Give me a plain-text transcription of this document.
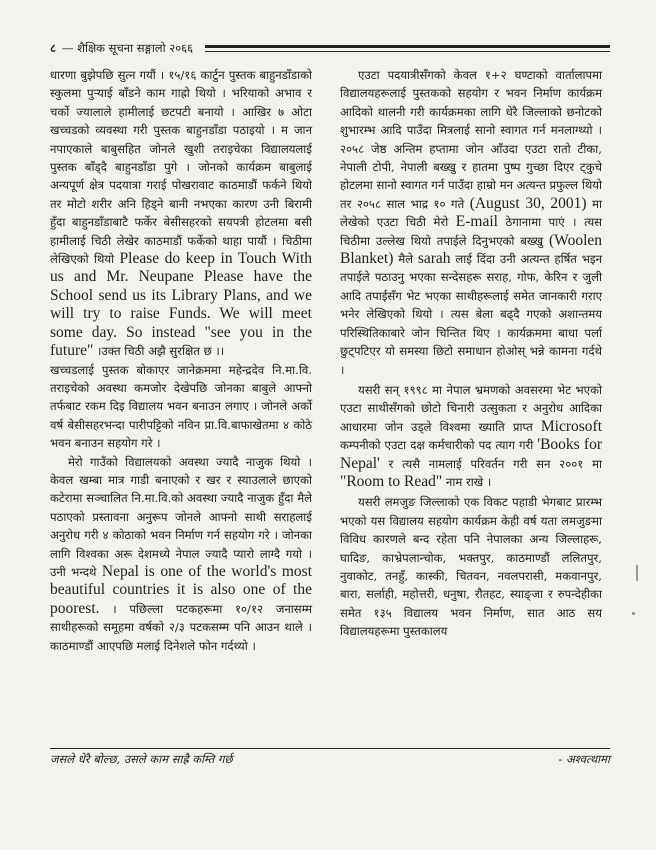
८ — शैक्षिक सूचना सङ्गालो २०६६

धारणा बुझेपछि सुत्न गयौं । १५/१६ कार्टुन पुस्तक बाहुनडाँडाको स्कुलमा पुऱ्याई बाँडने काम गाह्रो थियो । भरियाको अभाव र चर्को ज्यालाले हामीलाई छटपटी बनायो । आखिर ७ ओटा खच्चडको व्यवस्था गरी पुस्तक बाहुनडाँडा पठाइयो । म जान नपाएकाले बाबुसहित जोनले खुशी तराइचेका विद्यालयलाई पुस्तक बाँड्दै बाहुनडाँडा पुगे । जोनको कार्यक्रम बाबुलाई अन्यपूर्ण क्षेत्र पदयात्रा गराई पोखरावाट काठमाडौं फर्कने थियो तर मोटो शरीर अनि हिड्ने बानी नभएका कारण उनी बिरामी हुँदा बाहुनडाँडाबाटै फर्केर बेसीसहरको सयपत्री होटलमा बसी हामीलाई चिठी लेखेर काठमाडौं फर्केको थाहा पायौं । चिठीमा लेखिएको थियो Please do keep in Touch With us and Mr. Neupane Please have the School send us its Library Plans, and we will try to raise Funds. We will meet some day. So instead "see you in the future" ।उक्त चिठी अझै सुरक्षित छ ।।

खच्चडलाई पुस्तक बोकाएर जानेक्रममा महेन्द्रदेव नि.मा.वि. तराइचेको अवस्था कमजोर देखेपछि जोनका बाबुले आफ्नो तर्फबाट रकम दिइ विद्यालय भवन बनाउन लगाए । जोनले अर्को वर्ष बेसीसहरभन्दा पारीपट्टिको नविन प्रा.वि.बाफाखेतमा ४ कोठे भवन बनाउन सहयोग गरे ।

मेरो गाउँको विद्यालयको अवस्था ज्यादै नाजुक थियो । केवल खम्बा मात्र गाडी बनाएको र खर र स्याउलाले छाएको कटेरामा सञ्चालित नि.मा.वि.को अवस्था ज्यादै नाजुक हुँदा मैले पठाएको प्रस्तावना अनुरूप जोनले आफ्नो साथी सराहलाई अनुरोध गरी ४ कोठाको भवन निर्माण गर्न सहयोग गरे । जोनका लागि विश्वका अरू देशमध्ये नेपाल ज्यादै प्यारो लाग्दै गयो । उनी भन्दथे Nepal is one of the world's most beautiful countries it is also one of the poorest. । पछिल्ला पटकहरूमा १०/१२ जनासम्म साथीहरूको समूहमा वर्षको २/३ पटकसम्म पनि आउन थाले । काठमाण्डौं आएपछि मलाई दिनेशले फोन गर्दथ्यो ।

एउटा पदयात्रीसँगको केवल १+२ घण्टाको वार्तालापमा विद्यालयहरूलाई पुस्तकको सहयोग र भवन निर्माण कार्यक्रम आदिको थालनी गरी कार्यक्रमका लागि धेरै जिल्लाको छनोटको शुभारम्भ आदि पाउँदा मित्रलाई सानो स्वागत गर्न मनलाग्थ्यो । २०५८ जेष्ठ अन्तिम हप्तामा जोन आँउदा एउटा रातो टीका, नेपाली टोपी, नेपाली बख्खु र हातमा पुष्प गुच्छा दिएर ट्कुचे होटलमा सानो स्वागत गर्न पाउँदा हाम्रो मन अत्यन्त प्रफुल्ल थियो तर २०५८ साल भाद्र १० गते (August 30, 2001) मा लेखेको एउटा चिठी मेरो E-mail ठेगानामा पाएं । त्यस चिठीमा उल्लेख थियो तपाईले दिनुभएको बख्खु (Woolen Blanket) मैले sarah लाई दिंदा उनी अत्यन्त हर्षित भइन तपाईले पठाउनु भएका सन्देसहरू सराह, गोफ, केरिन र जुली आदि तपाईसँग भेट भएका साथीहरूलाई समेत जानकारी गराए भनेर लेखिएको थियो । त्यस बेला बढ्दै गएको अशान्तमय परिस्थितिकाबारे जोन चिन्तित थिए । कार्यक्रममा बाधा पर्ला छुट्पटिएर यो समस्या छिटो समाधान होओस् भन्ने कामना गर्दथे ।

यसरी सन् १९९८ मा नेपाल भ्रमणको अवसरमा भेट भएको एउटा साथीसँगको छोटो चिनारी उत्सुकता र अनुरोध आदिका आधारमा जोन उड्ले विश्वमा ख्याति प्राप्त Microsoft कम्पनीको एउटा दक्ष कर्मचारीको पद त्याग गरी 'Books for Nepal' र त्यसै नामलाई परिवर्तन गरी सन २००१ मा "Room to Read" नाम राखे ।

यसरी लमजुङ जिल्लाको एक विकट पहाडी भेगबाट प्रारम्भ भएको यस विद्यालय सहयोग कार्यक्रम केही वर्ष यता लमजुङमा विविध कारणले बन्द रहेता पनि नेपालका अन्य जिल्लाहरू, घादिङ, काभ्रेपलान्चोक, भक्तपुर, काठमाण्डौं ललितपुर, नुवाकोट, तनहुँ, कास्की, चितवन, नवलपरासी, मकवानपुर, बारा, सर्लाही, महोत्तरी, धनुषा, रौतहट, स्याङ्जा र रुपन्देहीका समेत १३५ विद्यालय भवन निर्माण, सात आठ सय विद्यालयहरूमा पुस्तकालय

जसले धेरै बोल्छ, उसले काम साह्रै कम्ति गर्छ	- अश्वत्थामा
